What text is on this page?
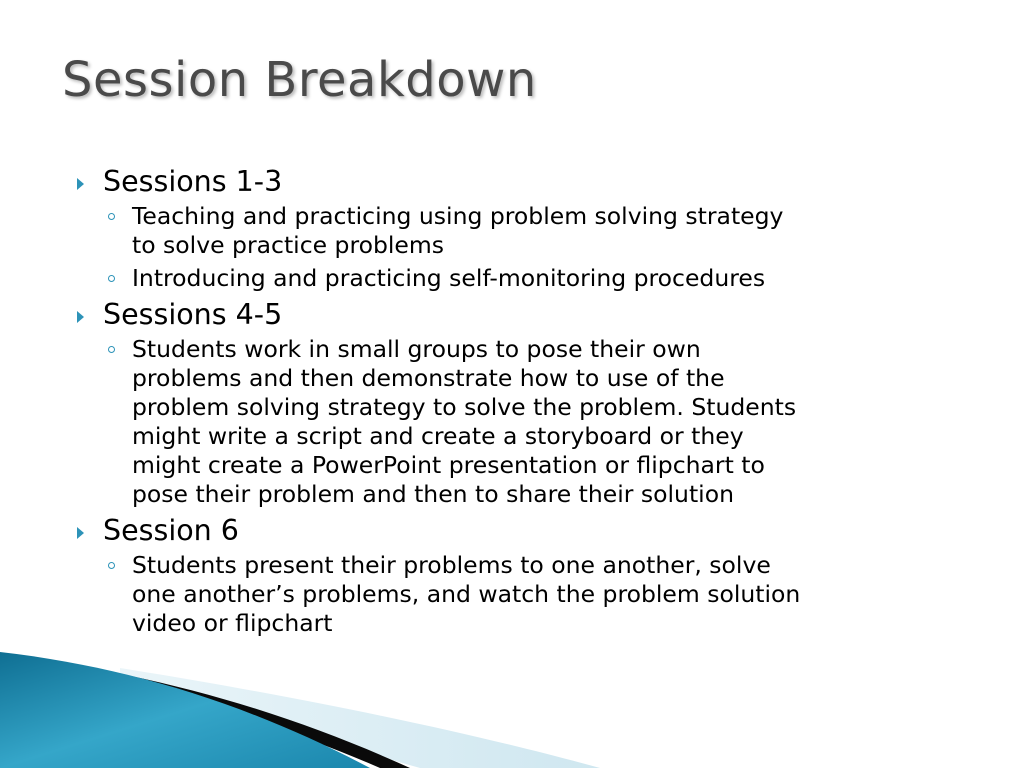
Session Breakdown
Sessions 1-3
Teaching and practicing using problem solving strategy
to solve practice problems
Introducing and practicing self-monitoring procedures
Sessions 4-5
Students work in small groups to pose their own
problems and then demonstrate how to use of the
problem solving strategy to solve the problem. Students
might write a script and create a storyboard or they
might create a PowerPoint presentation or flipchart to
pose their problem and then to share their solution
Session 6
Students present their problems to one another, solve
one another’s problems, and watch the problem solution
video or flipchart
